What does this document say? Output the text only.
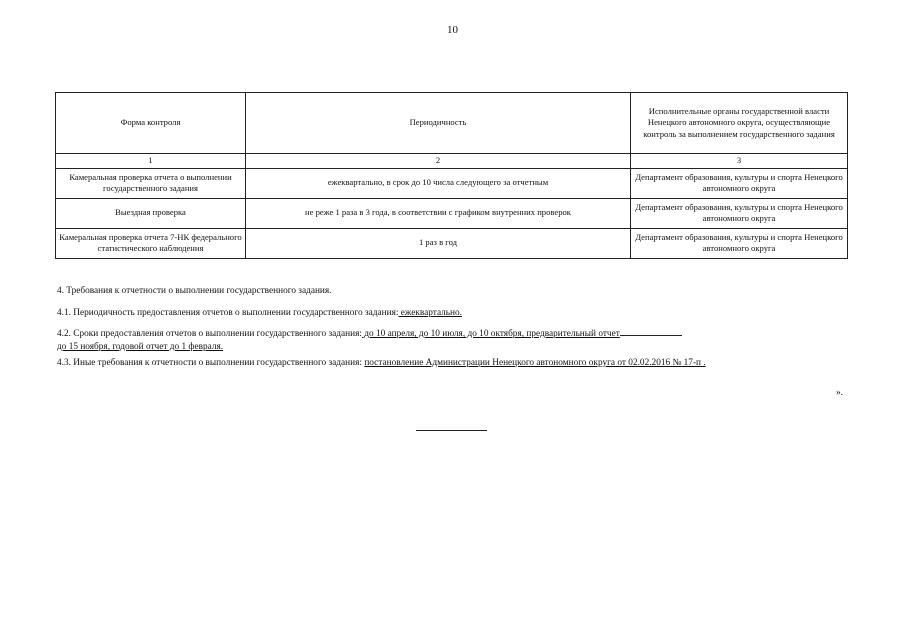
10
Форма контроля	Периодичность	Исполнительные органы государственной власти Ненецкого автономного округа, осуществляющие контроль за выполнением государственного задания
1	2	3
Камеральная проверка отчета о выполнении государственного задания	ежеквартально, в срок до 10 числа следующего за отчетным	Департамент образования, культуры и спорта Ненецкого автономного округа
Выездная проверка	не реже 1 раза в 3 года, в соответствии с графиком внутренних проверок	Департамент образования, культуры и спорта Ненецкого автономного округа
Камеральная проверка отчета 7-НК федерального статистического наблюдения	1 раз в год	Департамент образования, культуры и спорта Ненецкого автономного округа
4. Требования к отчетности о выполнении государственного задания.
4.1. Периодичность предоставления отчетов о выполнении государственного задания: ежеквартально.
4.2. Сроки предоставления отчетов о выполнении государственного задания: до 10 апреля, до 10 июля, до 10 октября, предварительный отчет
до 15 ноября, годовой отчет до 1 февраля.
4.3. Иные требования к отчетности о выполнении государственного задания: постановление Администрации Ненецкого автономного округа от 02.02.2016 № 17-п .
».
